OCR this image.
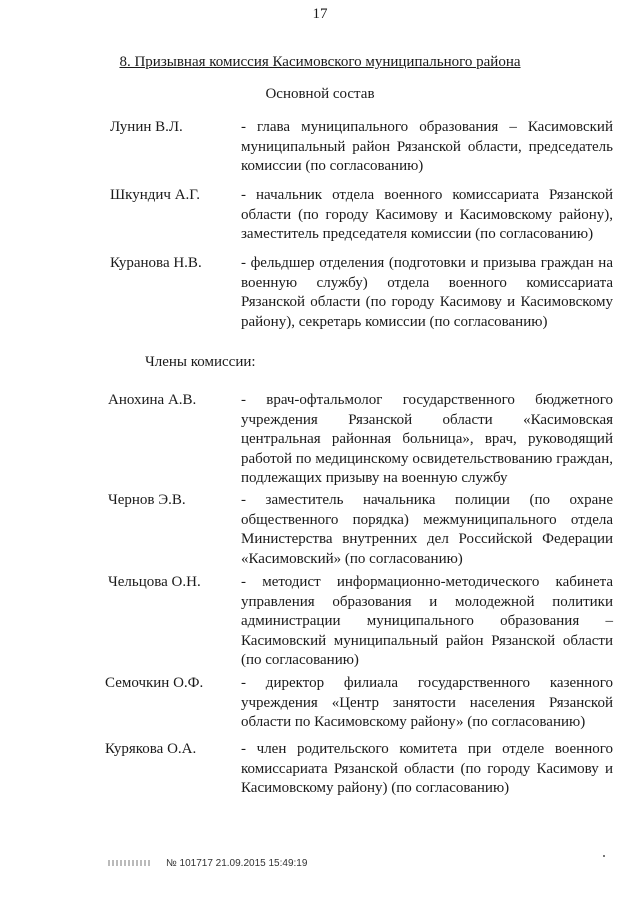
17
8. Призывная комиссия Касимовского муниципального района
Основной состав
Лунин В.Л.	- глава муниципального образования – Касимовский муниципальный район Рязанской области, председатель комиссии (по согласованию)
Шкундич А.Г.	- начальник отдела военного комиссариата Рязанской области (по городу Касимову и Касимовскому району), заместитель председателя комиссии (по согласованию)
Куранова Н.В.	- фельдшер отделения (подготовки и призыва граждан на военную службу) отдела военного комиссариата Рязанской области (по городу Касимову и Касимовскому району), секретарь комиссии (по согласованию)
Члены комиссии:
Анохина А.В.	- врач-офтальмолог государственного бюджетного учреждения Рязанской области «Касимовская центральная районная больница», врач, руководящий работой по медицинскому освидетельствованию граждан, подлежащих призыву на военную службу
Чернов Э.В.	- заместитель начальника полиции (по охране общественного порядка) межмуниципального отдела Министерства внутренних дел Российской Федерации «Касимовский» (по согласованию)
Чельцова О.Н.	- методист информационно-методического кабинета управления образования и молодежной политики администрации муниципального образования – Касимовский муниципальный район Рязанской области (по согласованию)
Семочкин О.Ф.	- директор филиала государственного казенного учреждения «Центр занятости населения Рязанской области по Касимовскому району» (по согласованию)
Курякова О.А.	- член родительского комитета при отделе военного комиссариата Рязанской области (по городу Касимову и Касимовскому району) (по согласованию)
№ 101717 21.09.2015 15:49:19
